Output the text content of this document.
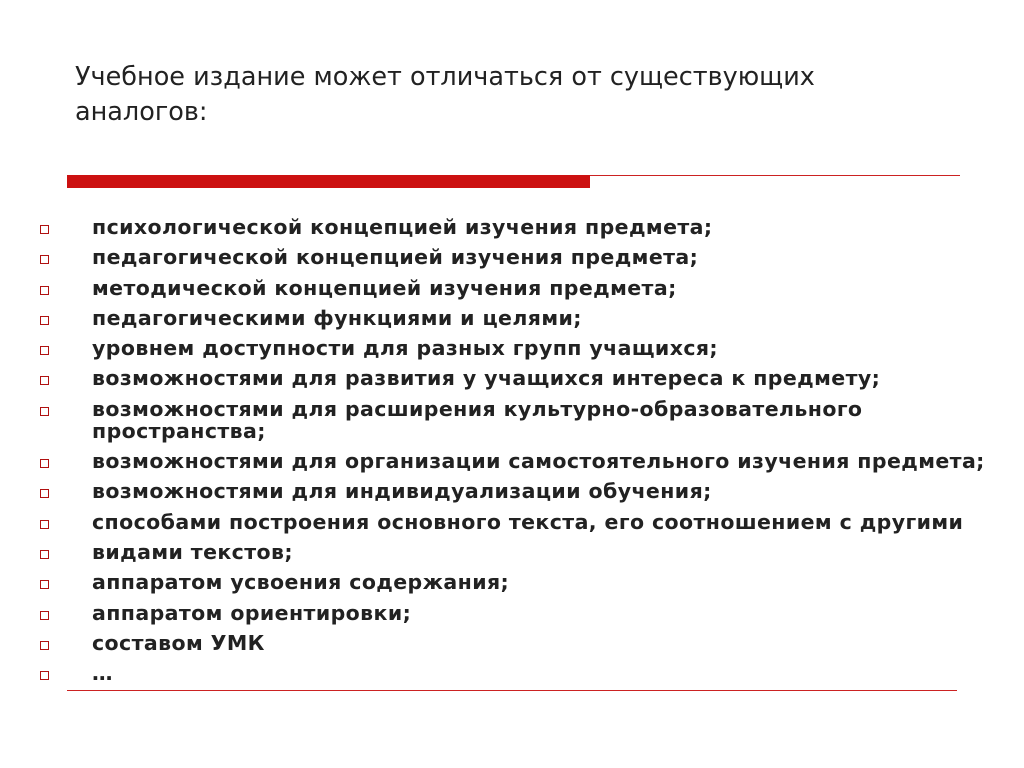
Учебное издание может отличаться от существующих
аналогов:
психологической концепцией изучения предмета;
педагогической концепцией изучения предмета;
методической концепцией изучения предмета;
педагогическими функциями и целями;
уровнем доступности для разных групп учащихся;
возможностями для развития у учащихся интереса к предмету;
возможностями для расширения культурно-образовательного пространства;
возможностями для организации самостоятельного изучения предмета;
возможностями для индивидуализации обучения;
способами построения основного текста, его соотношением с другими
видами текстов;
аппаратом усвоения содержания;
аппаратом ориентировки;
составом УМК
…
